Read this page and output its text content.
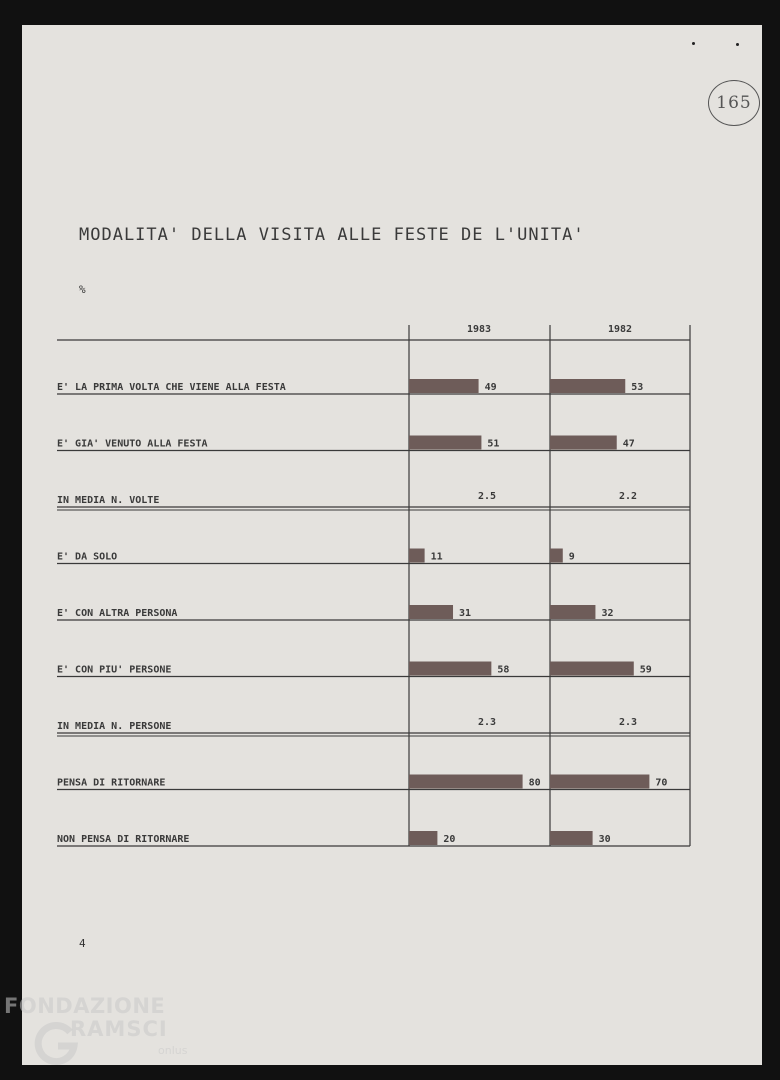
165
MODALITA' DELLA VISITA ALLE FESTE DE L'UNITA'
%
4
1983	1982
E' LA PRIMA VOLTA CHE VIENE ALLA FESTA	49	53
E' GIA' VENUTO ALLA FESTA	51	47
IN MEDIA N. VOLTE	2.5	2.2
E' DA SOLO	11	9
E' CON ALTRA PERSONA	31	32
E' CON PIU' PERSONE	58	59
IN MEDIA N. PERSONE	2.3	2.3
PENSA DI RITORNARE	80	70
NON PENSA DI RITORNARE	20	30
FONDAZIONE
RAMSCI
onlus
